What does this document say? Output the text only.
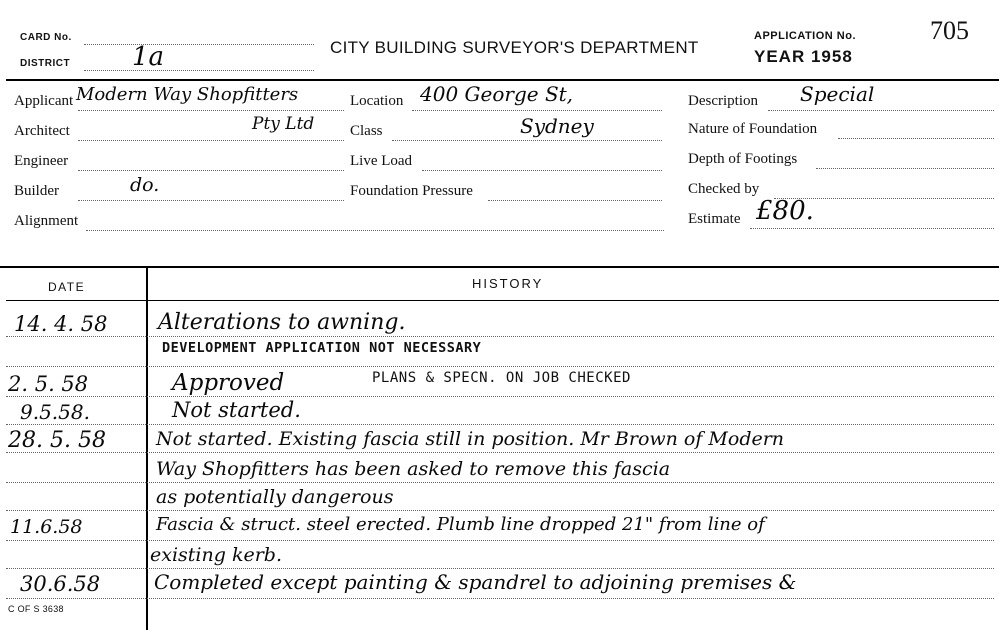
CARD No.
DISTRICT 1a	CITY BUILDING SURVEYOR'S DEPARTMENT
APPLICATION No.
YEAR 1958
705
Applicant Modern Way Shopfitters
Architect	Pty Ltd
Engineer
Builder	do.
Alignment
Location 400 George St,
Class	Sydney
Live Load
Foundation Pressure
Description Special
Nature of Foundation
Depth of Footings
Checked by
Estimate £80.
DATE	HISTORY
14. 4. 58 Alterations to awning.
DEVELOPMENT APPLICATION NOT NECESSARY
2. 5. 58	Approved	PLANS & SPECN. ON JOB CHECKED
9.5.58.	Not started.
28. 5. 58	Not started. Existing fascia still in position. Mr Brown of Modern
Way Shopfitters has been asked to remove this fascia
as potentially dangerous
11.6.58	Fascia & struct. steel erected. Plumb line dropped 21" from line of
existing kerb.
30.6.58	Completed except painting & spandrel to adjoining premises &
C OF S 3638
